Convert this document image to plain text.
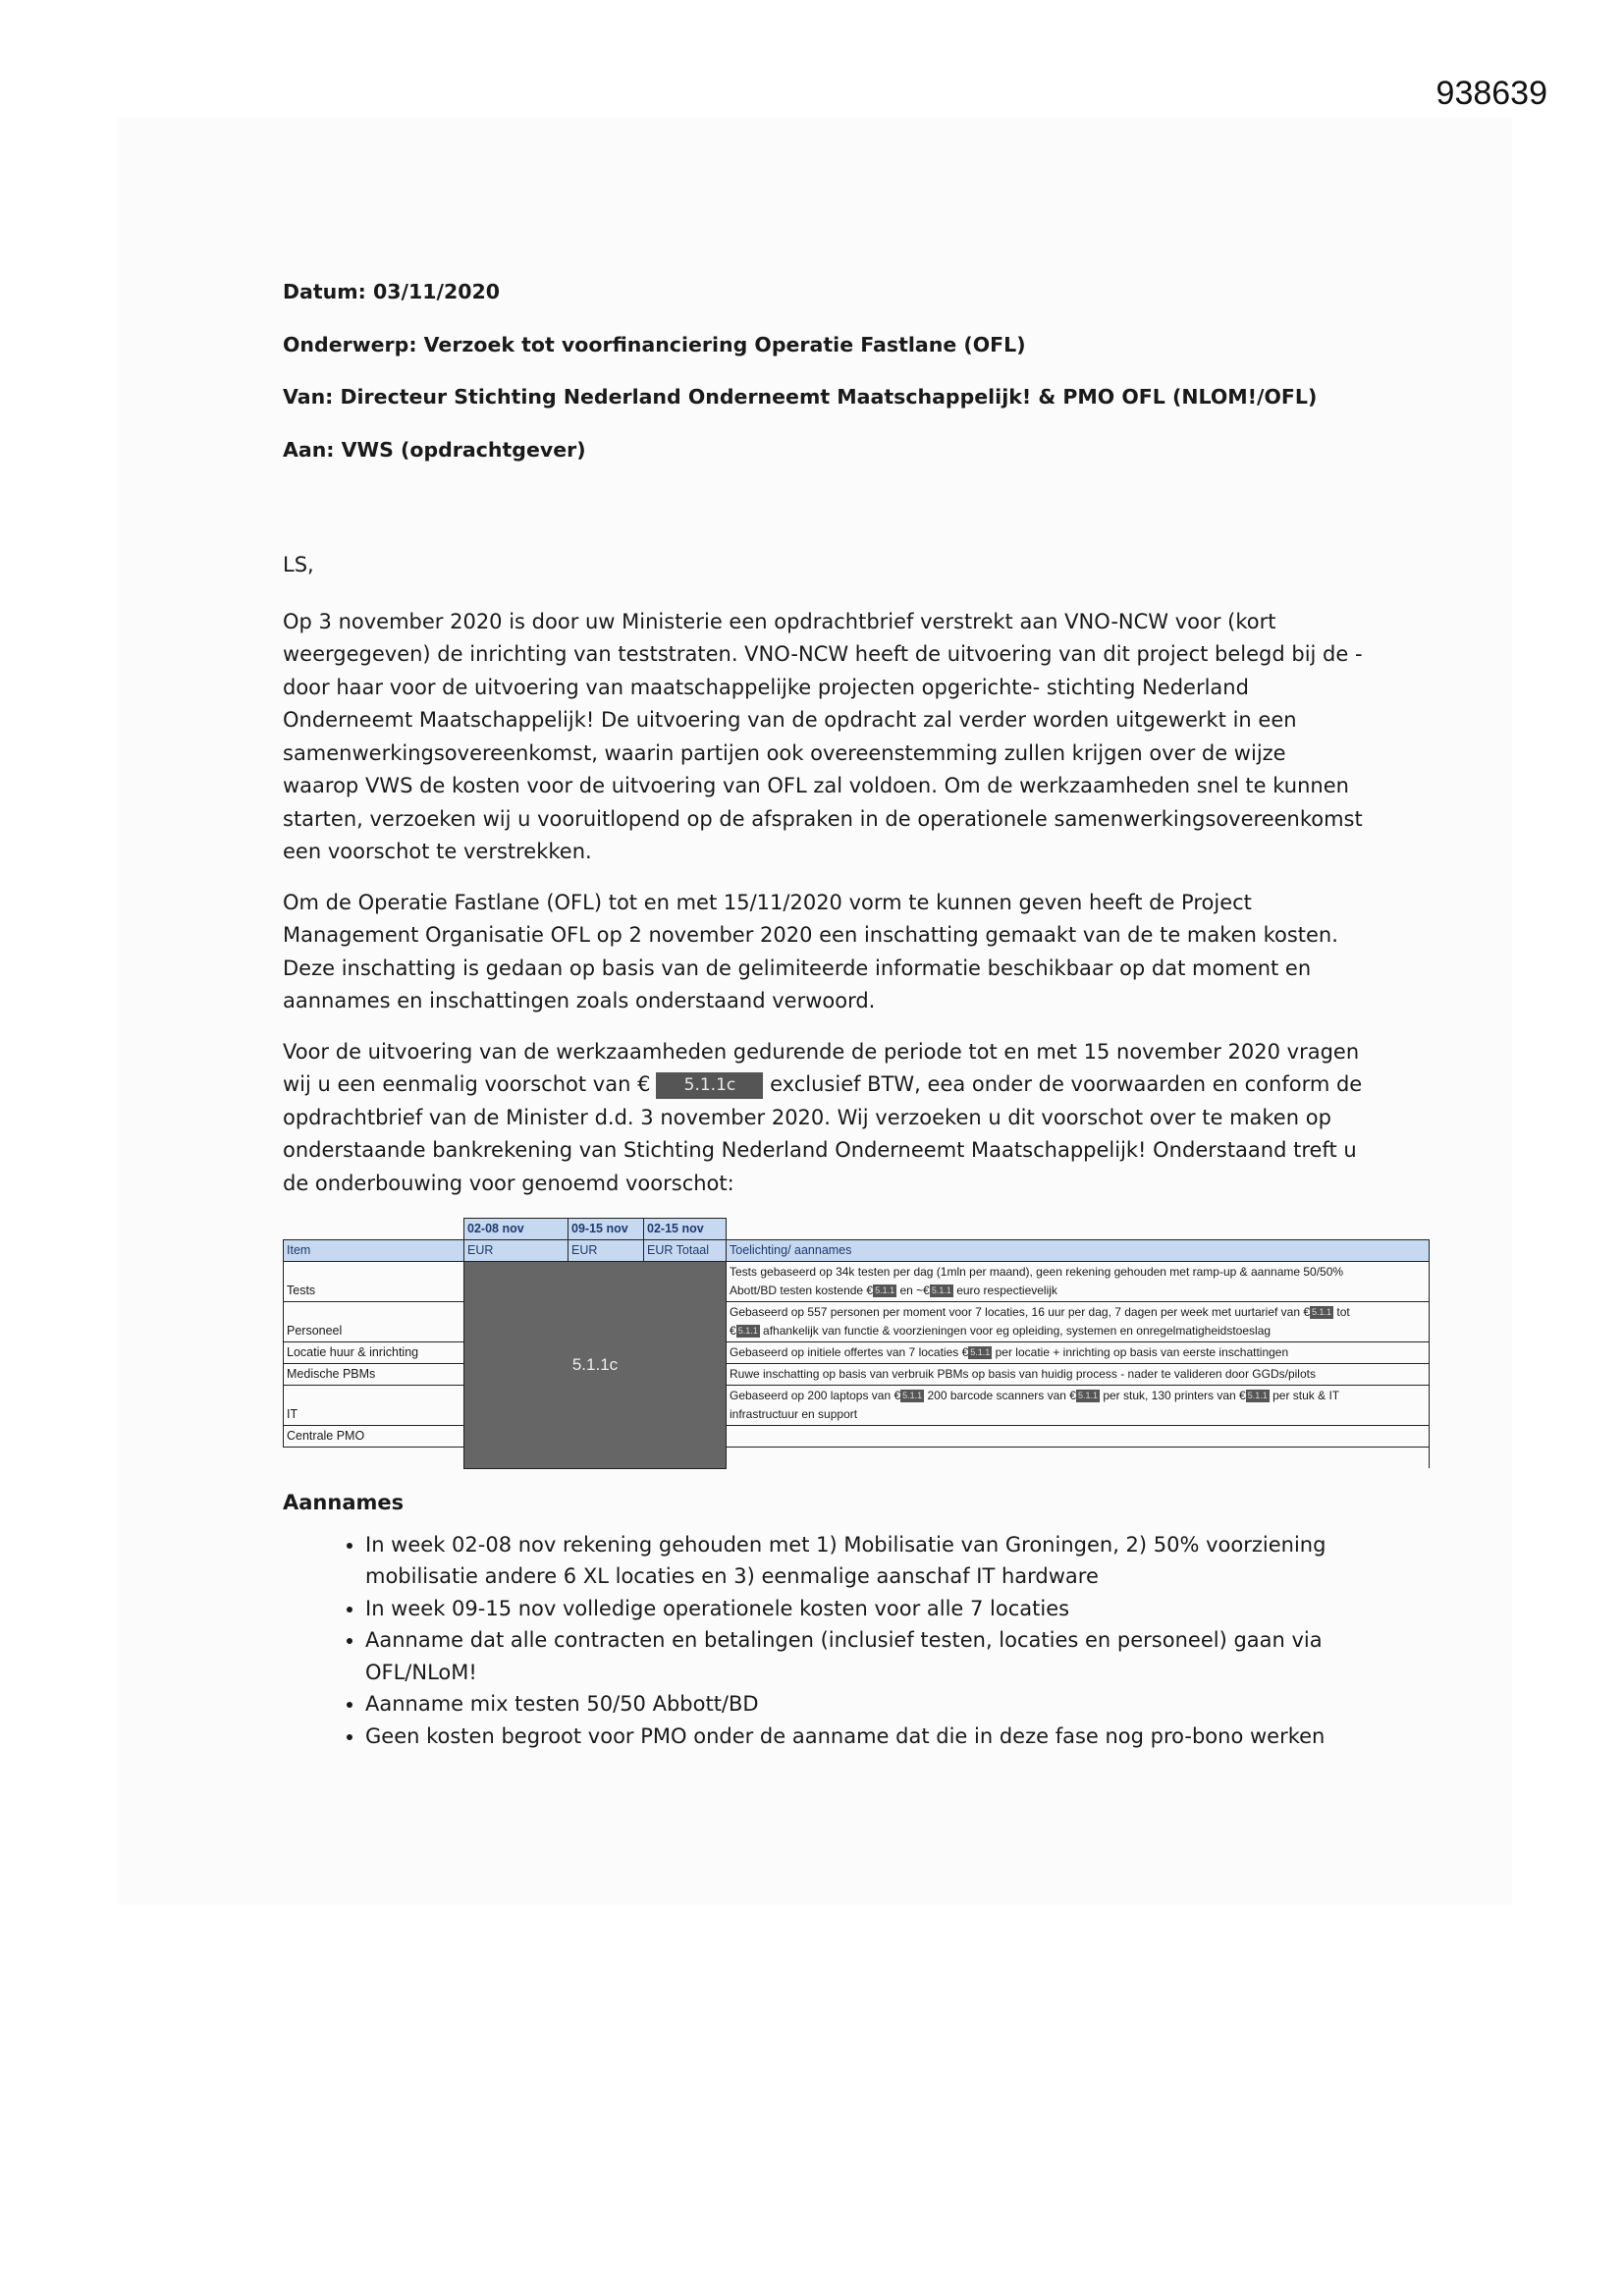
938639
Datum: 03/11/2020
Onderwerp: Verzoek tot voorfinanciering Operatie Fastlane (OFL)
Van: Directeur Stichting Nederland Onderneemt Maatschappelijk! & PMO OFL (NLOM!/OFL)
Aan: VWS (opdrachtgever)
LS,

Op 3 november 2020 is door uw Ministerie een opdrachtbrief verstrekt aan VNO-NCW voor (kort weergegeven) de inrichting van teststraten. VNO-NCW heeft de uitvoering van dit project belegd bij de - door haar voor de uitvoering van maatschappelijke projecten opgerichte- stichting Nederland Onderneemt Maatschappelijk! De uitvoering van de opdracht zal verder worden uitgewerkt in een samenwerkingsovereenkomst, waarin partijen ook overeenstemming zullen krijgen over de wijze waarop VWS de kosten voor de uitvoering van OFL zal voldoen. Om de werkzaamheden snel te kunnen starten, verzoeken wij u vooruitlopend op de afspraken in de operationele samenwerkingsovereenkomst een voorschot te verstrekken.

Om de Operatie Fastlane (OFL) tot en met 15/11/2020 vorm te kunnen geven heeft de Project Management Organisatie OFL op 2 november 2020 een inschatting gemaakt van de te maken kosten. Deze inschatting is gedaan op basis van de gelimiteerde informatie beschikbaar op dat moment en aannames en inschattingen zoals onderstaand verwoord.

Voor de uitvoering van de werkzaamheden gedurende de periode tot en met 15 november 2020 vragen wij u een eenmalig voorschot van € 5.1.1c exclusief BTW, eea onder de voorwaarden en conform de opdrachtbrief van de Minister d.d. 3 november 2020. Wij verzoeken u dit voorschot over te maken op onderstaande bankrekening van Stichting Nederland Onderneemt Maatschappelijk! Onderstaand treft u de onderbouwing voor genoemd voorschot:

	02-08 nov	09-15 nov	02-15 nov	
Item	EUR	EUR	EUR Totaal	Toelichting/ aannames
Tests	5.1.1c			Tests gebaseerd op 34k testen per dag (1mln per maand), geen rekening gehouden met ramp-up & aanname 50/50%
Abott/BD testen kostende € 5.1.1 en ~€ 5.1.1 euro respectievelijk
Personeel				Gebaseerd op 557 personen per moment voor 7 locaties, 16 uur per dag, 7 dagen per week met uurtarief van € 5.1.1 tot
€ 5.1.1 afhankelijk van functie & voorzieningen voor eg opleiding, systemen en onregelmatigheidstoeslag
Locatie huur & inrichting				Gebaseerd op initiele offertes van 7 locaties € 5.1.1 per locatie + inrichting op basis van eerste inschattingen
Medische PBMs				Ruwe inschatting op basis van verbruik PBMs op basis van huidig process - nader te valideren door GGDs/pilots
IT				Gebaseerd op 200 laptops van € 5.1.1 200 barcode scanners van € 5.1.1 per stuk, 130 printers van € 5.1.1 per stuk & IT
infrastructuur en support
Centrale PMO				

Aannames
• In week 02-08 nov rekening gehouden met 1) Mobilisatie van Groningen, 2) 50% voorziening mobilisatie andere 6 XL locaties en 3) eenmalige aanschaf IT hardware
• In week 09-15 nov volledige operationele kosten voor alle 7 locaties
• Aanname dat alle contracten en betalingen (inclusief testen, locaties en personeel) gaan via OFL/NLoM!
• Aanname mix testen 50/50 Abbott/BD
• Geen kosten begroot voor PMO onder de aanname dat die in deze fase nog pro-bono werken
